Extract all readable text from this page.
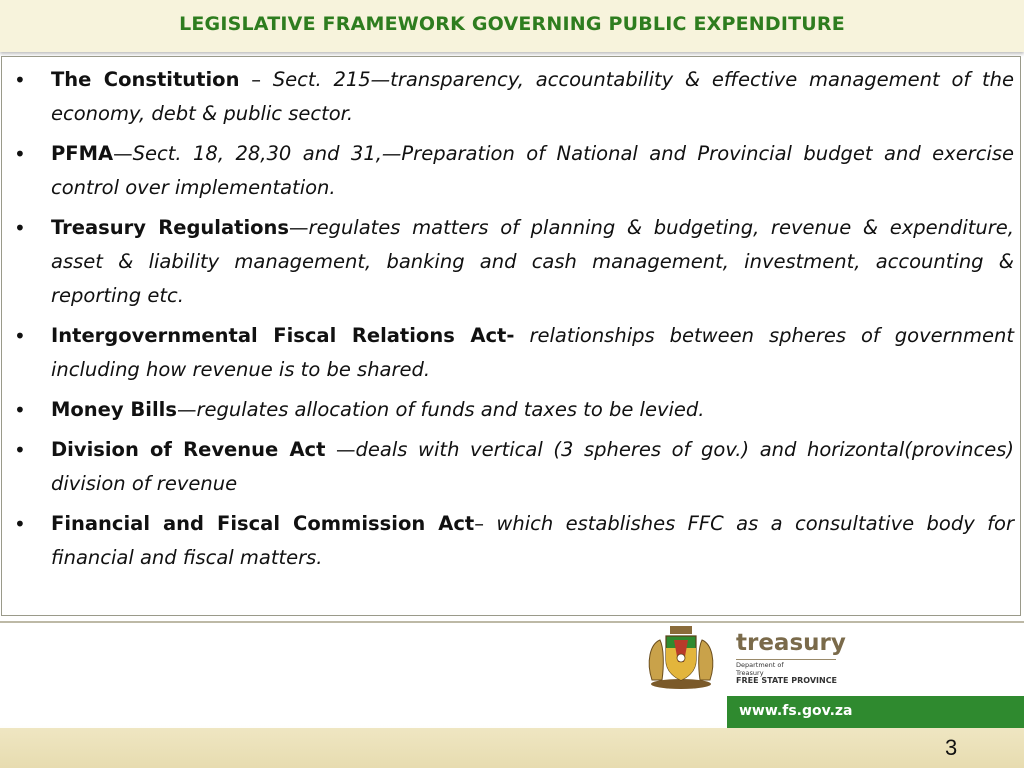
LEGISLATIVE FRAMEWORK GOVERNING PUBLIC EXPENDITURE
• The Constitution – Sect. 215—transparency, accountability & effective management of the economy, debt & public sector.
• PFMA—Sect. 18, 28,30 and 31,—Preparation of National and Provincial budget and exercise control over implementation.
• Treasury Regulations—regulates matters of planning & budgeting, revenue & expenditure, asset & liability management, banking and cash management, investment, accounting & reporting etc.
• Intergovernmental Fiscal Relations Act- relationships between spheres of government including how revenue is to be shared.
• Money Bills—regulates allocation of funds and taxes to be levied.
• Division of Revenue Act —deals with vertical (3 spheres of gov.) and horizontal(provinces) division of revenue
• Financial and Fiscal Commission Act– which establishes FFC as a consultative body for financial and fiscal matters.
treasury
Department of
Treasury
FREE STATE PROVINCE
www.fs.gov.za
3
